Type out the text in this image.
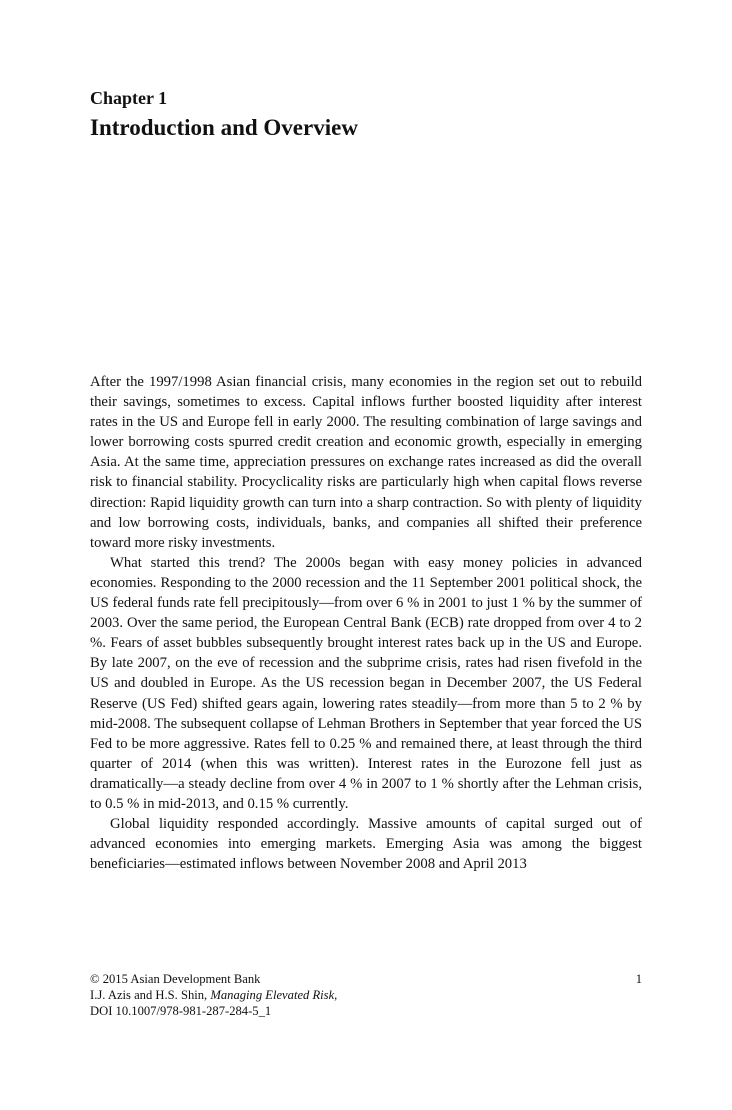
Chapter 1
Introduction and Overview

After the 1997/1998 Asian financial crisis, many economies in the region set out to rebuild their savings, sometimes to excess. Capital inflows further boosted liquidity after interest rates in the US and Europe fell in early 2000. The resulting combination of large savings and lower borrowing costs spurred credit creation and economic growth, especially in emerging Asia. At the same time, appreciation pressures on exchange rates increased as did the overall risk to financial stability. Procyclicality risks are particularly high when capital flows reverse direction: Rapid liquidity growth can turn into a sharp contraction. So with plenty of liquidity and low borrowing costs, individuals, banks, and companies all shifted their preference toward more risky investments.

What started this trend? The 2000s began with easy money policies in advanced economies. Responding to the 2000 recession and the 11 September 2001 political shock, the US federal funds rate fell precipitously—from over 6 % in 2001 to just 1 % by the summer of 2003. Over the same period, the European Central Bank (ECB) rate dropped from over 4 to 2 %. Fears of asset bubbles subsequently brought interest rates back up in the US and Europe. By late 2007, on the eve of recession and the subprime crisis, rates had risen fivefold in the US and doubled in Europe. As the US recession began in December 2007, the US Federal Reserve (US Fed) shifted gears again, lowering rates steadily—from more than 5 to 2 % by mid-2008. The subsequent collapse of Lehman Brothers in September that year forced the US Fed to be more aggressive. Rates fell to 0.25 % and remained there, at least through the third quarter of 2014 (when this was written). Interest rates in the Eurozone fell just as dramatically—a steady decline from over 4 % in 2007 to 1 % shortly after the Lehman crisis, to 0.5 % in mid-2013, and 0.15 % currently.

Global liquidity responded accordingly. Massive amounts of capital surged out of advanced economies into emerging markets. Emerging Asia was among the biggest beneficiaries—estimated inflows between November 2008 and April 2013

© 2015 Asian Development Bank	1
I.J. Azis and H.S. Shin, Managing Elevated Risk,
DOI 10.1007/978-981-287-284-5_1
